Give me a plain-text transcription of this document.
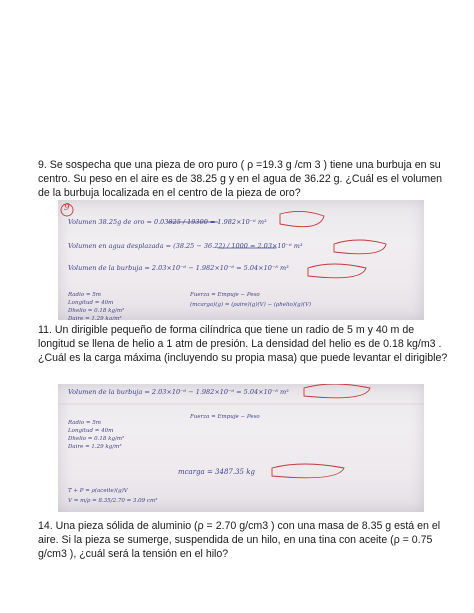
9. Se sospecha que una pieza de oro puro ( ρ =19.3 g /cm 3 ) tiene una burbuja en su centro. Su peso en el aire es de 38.25 g y en el agua de 36.22 g. ¿Cuál es el volumen de la burbuja localizada en el centro de la pieza de oro?

9
Volumen 38.25g de oro = 0.03825 / 19300 = 1.982×10⁻⁶ m³
Volumen en agua desplazada = (38.25 − 36.22) / 1000 = 2.03×10⁻⁶ m³
Volumen de la burbuja = 2.03×10⁻⁶ − 1.982×10⁻⁶ = 5.04×10⁻⁸ m³
Radio = 5m
Longitud = 40m
Dhelio = 0.18 kg/m³
Daire = 1.29 kg/m³
Fuerza = Empuje − Peso
(mcarga)(g) = (ρaire)(g)(V) − (ρhelio)(g)(V)

11. Un dirigible pequeño de forma cilíndrica que tiene un radio de 5 m y 40 m de longitud se llena de helio a 1 atm de presión. La densidad del helio es de 0.18 kg/m3 . ¿Cuál es la carga máxima (incluyendo su propia masa) que puede levantar el dirigible?

Volumen de la burbuja = 2.03×10⁻⁶ − 1.982×10⁻⁶ = 5.04×10⁻⁸ m³
Radio = 5m
Longitud = 40m
Dhelio = 0.18 kg/m³
Daire = 1.29 kg/m³
Fuerza = Empuje − Peso
mcarga = 3487.35 kg
T + P = ρ(aceite)(g)V
V = m/ρ = 8.35/2.70 = 3.09 cm³

14. Una pieza sólida de aluminio (ρ = 2.70 g/cm3 ) con una masa de 8.35 g está en el aire. Si la pieza se sumerge, suspendida de un hilo, en una tina con aceite (ρ = 0.75 g/cm3 ), ¿cuál será la tensión en el hilo?
